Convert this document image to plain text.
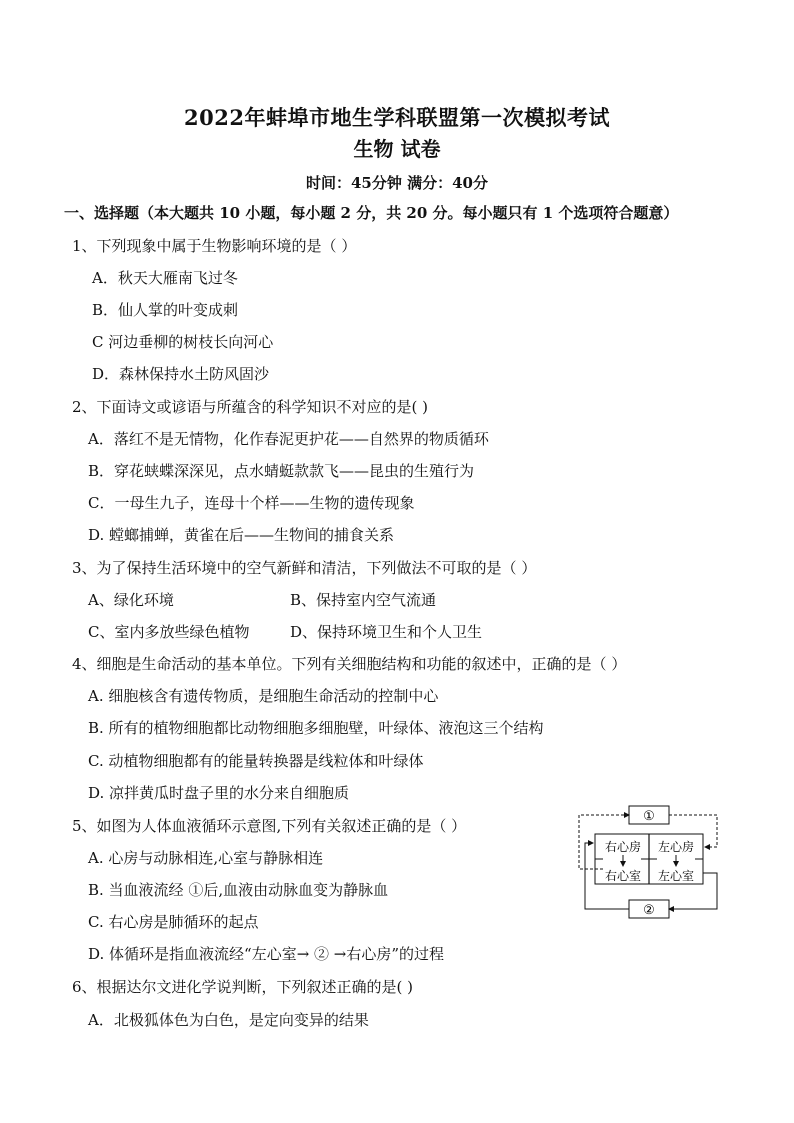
2022年蚌埠市地生学科联盟第一次模拟考试
生物 试卷
时间：45分钟 满分：40分
一、选择题（本大题共 10 小题，每小题 2 分，共 20 分。每小题只有 1 个选项符合题意）
1、下列现象中属于生物影响环境的是（ ）
A．秋天大雁南飞过冬
B．仙人掌的叶变成刺
C 河边垂柳的树枝长向河心
D．森林保持水土防风固沙
2、下面诗文或谚语与所蕴含的科学知识不对应的是( )
A．落红不是无情物，化作春泥更护花——自然界的物质循环
B．穿花蛱蝶深深见，点水蜻蜓款款飞——昆虫的生殖行为
C．一母生九子，连母十个样——生物的遗传现象
D. 螳螂捕蝉，黄雀在后——生物间的捕食关系
3、为了保持生活环境中的空气新鲜和清洁，下列做法不可取的是（ ）
A、绿化环境	B、保持室内空气流通
C、室内多放些绿色植物	D、保持环境卫生和个人卫生
4、细胞是生命活动的基本单位。下列有关细胞结构和功能的叙述中，正确的是（ ）
A. 细胞核含有遗传物质，是细胞生命活动的控制中心
B. 所有的植物细胞都比动物细胞多细胞壁，叶绿体、液泡这三个结构
C. 动植物细胞都有的能量转换器是线粒体和叶绿体
D. 凉拌黄瓜时盘子里的水分来自细胞质
5、如图为人体血液循环示意图,下列有关叙述正确的是（ ）
A. 心房与动脉相连,心室与静脉相连
B. 当血液流经 ①后,血液由动脉血变为静脉血
C. 右心房是肺循环的起点
D. 体循环是指血液流经“左心室→ ② →右心房”的过程
6、根据达尔文进化学说判断，下列叙述正确的是( )
A．北极狐体色为白色，是定向变异的结果
①
右心房 左心房
右心室 左心室
②
